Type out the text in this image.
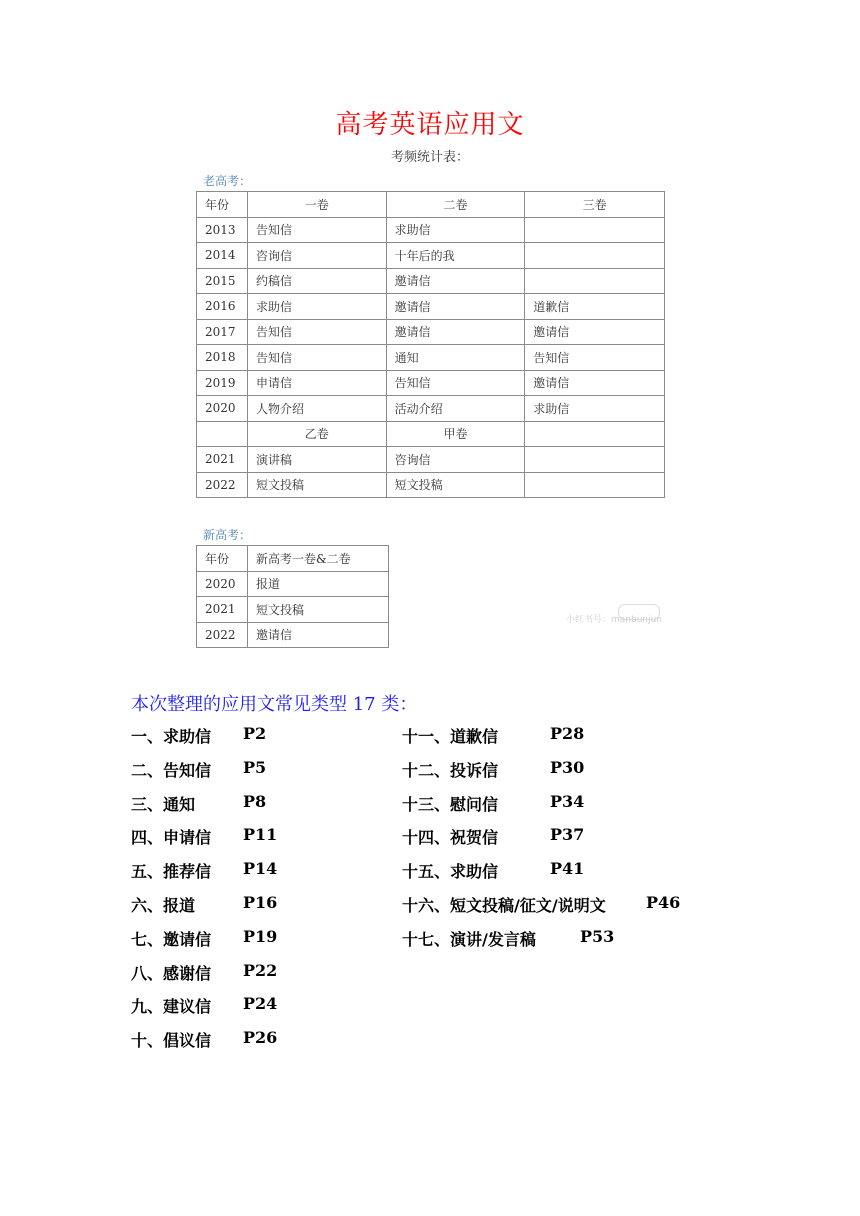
高考英语应用文
考频统计表：
老高考：
年份	一卷	二卷	三卷
2013	告知信	求助信	
2014	咨询信	十年后的我	
2015	约稿信	邀请信	
2016	求助信	邀请信	道歉信
2017	告知信	邀请信	邀请信
2018	告知信	通知	告知信
2019	申请信	告知信	邀请信
2020	人物介绍	活动介绍	求助信
	乙卷	甲卷	
2021	演讲稿	咨询信	
2022	短文投稿	短文投稿	
新高考：
年份	新高考一卷&二卷
2020	报道
2021	短文投稿
2022	邀请信
小红书号：manbunjun
本次整理的应用文常见类型 17 类：
一、求助信 P2
二、告知信 P5
三、通知	P8
四、申请信 P11
五、推荐信 P14
六、报道	P16
七、邀请信 P19
八、感谢信 P22
九、建议信 P24
十、倡议信 P26
十一、道歉信	P28
十二、投诉信	P30
十三、慰问信	P34
十四、祝贺信	P37
十五、求助信	P41
十六、短文投稿/征文/说明文	P46
十七、演讲/发言稿	P53
